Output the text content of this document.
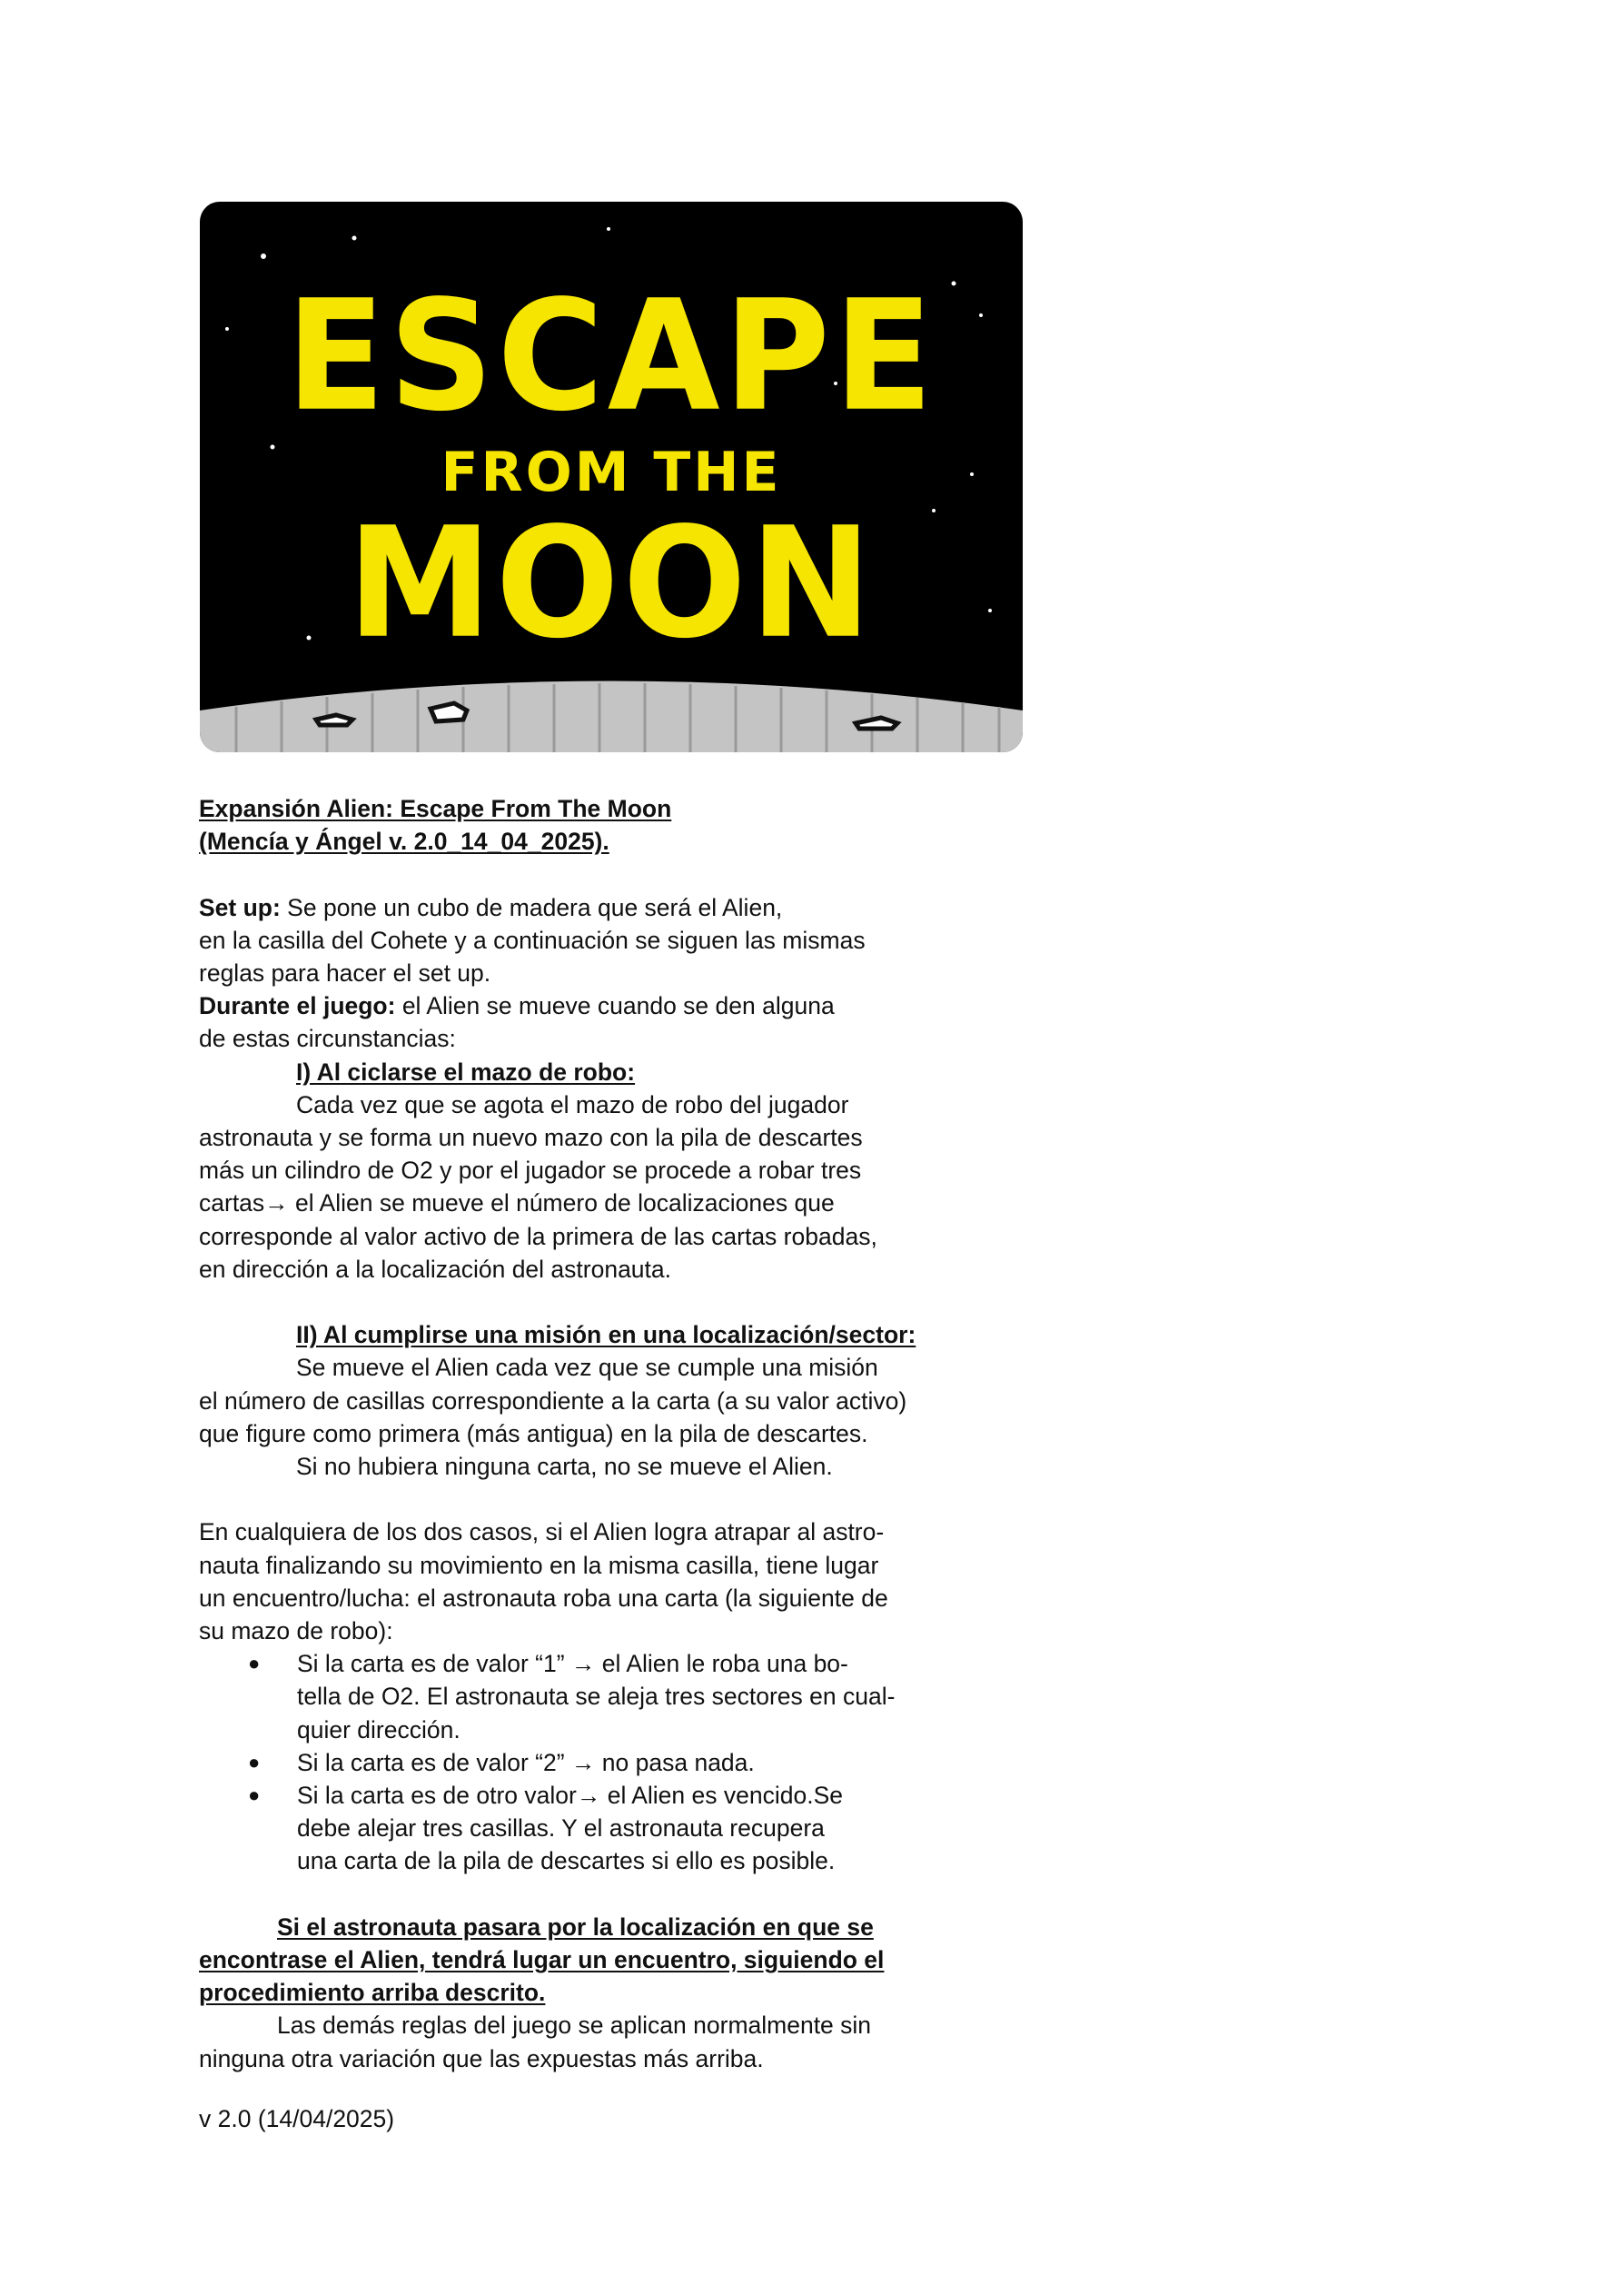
ESCAPE
FROM THE
MOON

Expansión Alien: Escape From The Moon

(Mencía y Ángel v. 2.0_14_04_2025).

Set up: Se pone un cubo de madera que será el Alien,

en la casilla del Cohete y a continuación se siguen las mismas

reglas para hacer el set up.

Durante el juego: el Alien se mueve cuando se den alguna

de estas circunstancias:

I) Al ciclarse el mazo de robo:

Cada vez que se agota el mazo de robo del jugador

astronauta y se forma un nuevo mazo con la pila de descartes

más un cilindro de O2 y por el jugador se procede a robar tres

cartas→ el Alien se mueve el número de localizaciones que

corresponde al valor activo de la primera de las cartas robadas,

en dirección a la localización del astronauta.

II) Al cumplirse una misión en una localización/sector:

Se mueve el Alien cada vez que se cumple una misión

el número de casillas correspondiente a la carta (a su valor activo)

que figure como primera (más antigua) en la pila de descartes.

Si no hubiera ninguna carta, no se mueve el Alien.

En cualquiera de los dos casos, si el Alien logra atrapar al astro-

nauta finalizando su movimiento en la misma casilla, tiene lugar

un encuentro/lucha: el astronauta roba una carta (la siguiente de

su mazo de robo):

● Si la carta es de valor “1” → el Alien le roba una bo-
tella de O2. El astronauta se aleja tres sectores en cual-
quier dirección.
● Si la carta es de valor “2” → no pasa nada.
● Si la carta es de otro valor→ el Alien es vencido.Se
debe alejar tres casillas. Y el astronauta recupera
una carta de la pila de descartes si ello es posible.

Si el astronauta pasara por la localización en que se

encontrase el Alien, tendrá lugar un encuentro, siguiendo el

procedimiento arriba descrito.

Las demás reglas del juego se aplican normalmente sin

ninguna otra variación que las expuestas más arriba.

v 2.0 (14/04/2025)
